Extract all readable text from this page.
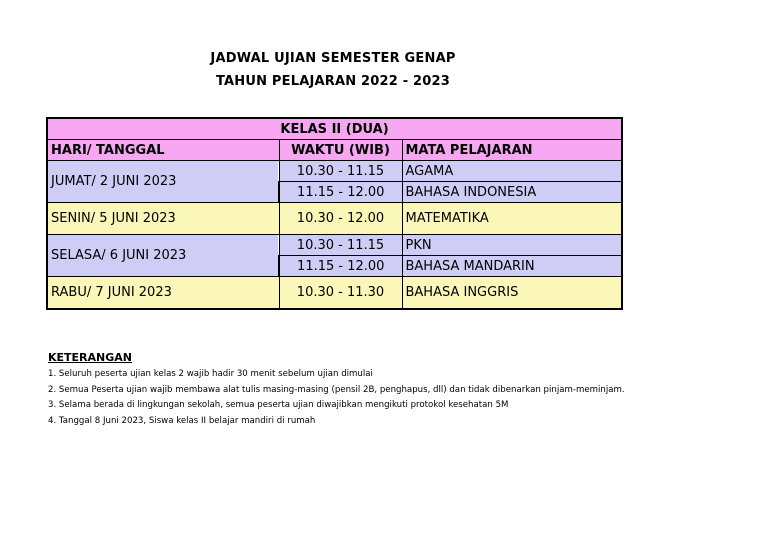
JADWAL UJIAN SEMESTER GENAP
TAHUN PELAJARAN 2022 - 2023
KELAS II (DUA)		
HARI/ TANGGAL	WAKTU (WIB)	MATA PELAJARAN
JUMAT/ 2 JUNI 2023	10.30 - 11.15	AGAMA
	11.15 - 12.00	BAHASA INDONESIA
SENIN/ 5 JUNI 2023	10.30 - 12.00	MATEMATIKA
SELASA/ 6 JUNI 2023	10.30 - 11.15	PKN
	11.15 - 12.00	BAHASA MANDARIN
RABU/ 7 JUNI 2023	10.30 - 11.30	BAHASA INGGRIS
KETERANGAN
1. Seluruh peserta ujian kelas 2 wajib hadir 30 menit sebelum ujian dimulai
2. Semua Peserta ujian wajib membawa alat tulis masing-masing (pensil 2B, penghapus, dll) dan tidak dibenarkan pinjam-meminjam.
3. Selama berada di lingkungan sekolah, semua peserta ujian diwajibkan mengikuti protokol kesehatan 5M
4. Tanggal 8 Juni 2023, Siswa kelas II belajar mandiri di rumah
